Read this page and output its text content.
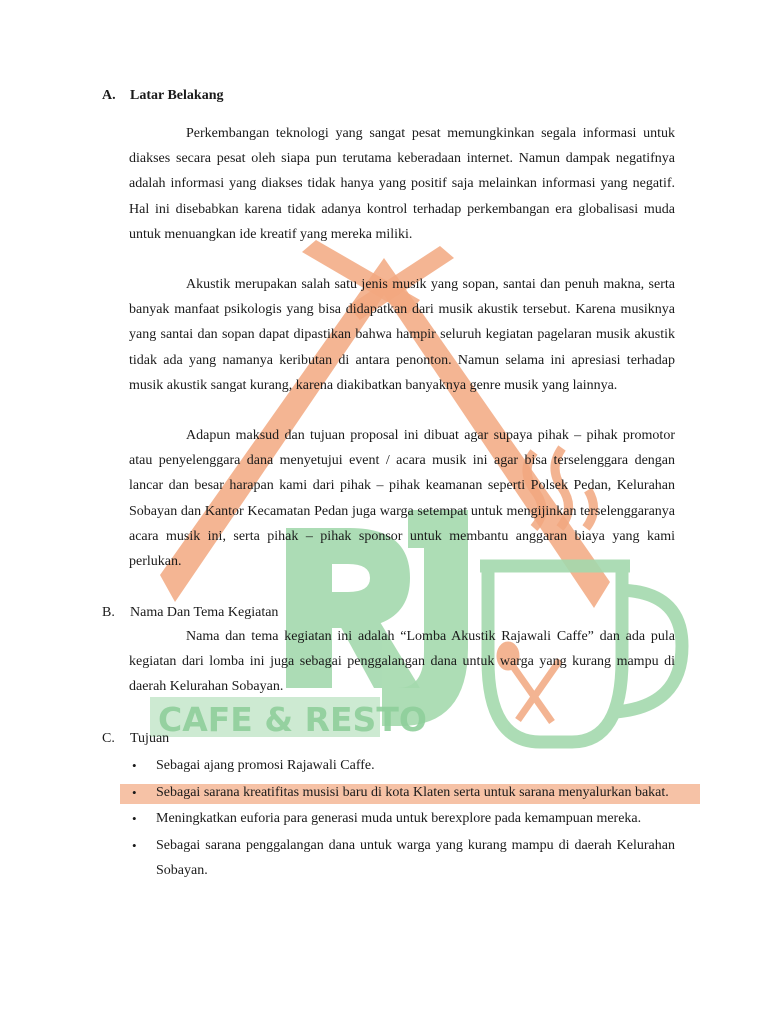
CAFE & RESTO
A. Latar Belakang

Perkembangan teknologi yang sangat pesat memungkinkan segala informasi untuk diakses secara pesat oleh siapa pun terutama keberadaan internet. Namun dampak negatifnya adalah informasi yang diakses tidak hanya yang positif saja melainkan informasi yang negatif. Hal ini disebabkan karena tidak adanya kontrol terhadap perkembangan era globalisasi muda untuk menuangkan ide kreatif yang mereka miliki.

Akustik merupakan salah satu jenis musik yang sopan, santai dan penuh makna, serta banyak manfaat psikologis yang bisa didapatkan dari musik akustik tersebut. Karena musiknya yang santai dan sopan dapat dipastikan bahwa hampir seluruh kegiatan pagelaran musik akustik tidak ada yang namanya keributan di antara penonton. Namun selama ini apresiasi terhadap musik akustik sangat kurang, karena diakibatkan banyaknya genre musik yang lainnya.

Adapun maksud dan tujuan proposal ini dibuat agar supaya pihak – pihak promotor atau penyelenggara dana menyetujui event / acara musik ini agar bisa terselenggara dengan lancar dan besar harapan kami dari pihak – pihak keamanan seperti Polsek Pedan, Kelurahan Sobayan dan Kantor Kecamatan Pedan juga warga setempat untuk mengijinkan terselenggaranya acara musik ini, serta pihak – pihak sponsor untuk membantu anggaran biaya yang kami perlukan.

B. Nama Dan Tema Kegiatan

Nama dan tema kegiatan ini adalah “Lomba Akustik Rajawali Caffe” dan ada pula kegiatan dari lomba ini juga sebagai penggalangan dana untuk warga yang kurang mampu di daerah Kelurahan Sobayan.

C. Tujuan
• Sebagai ajang promosi Rajawali Caffe.
• Sebagai sarana kreatifitas musisi baru di kota Klaten serta untuk sarana menyalurkan bakat.
• Meningkatkan euforia para generasi muda untuk berexplore pada kemampuan mereka.
• Sebagai sarana penggalangan dana untuk warga yang kurang mampu di daerah Kelurahan Sobayan.
